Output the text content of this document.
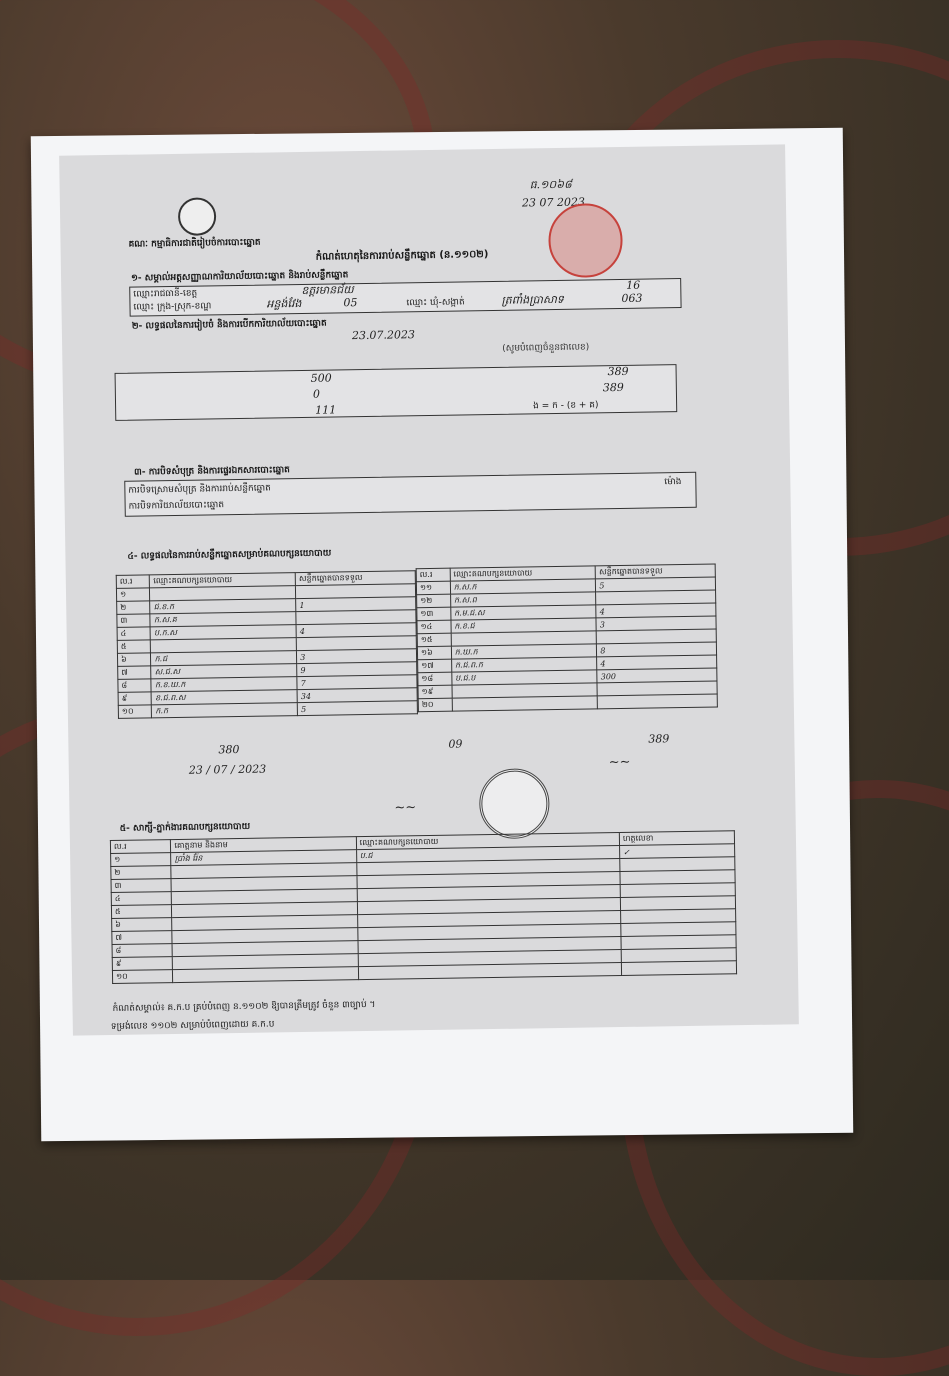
គណៈ កម្មាធិការជាតិរៀបចំការបោះឆ្នោត
កំណត់ហេតុនៃការរាប់សន្លឹកឆ្នោត (ន.១១០២)
ធ.១០៦៨
23 07 2023
១- សម្គាល់អត្តសញ្ញាណការិយាល័យបោះឆ្នោត និងរាប់សន្លឹកឆ្នោត
ឈ្មោះរាជធានី-ខេត្ត	ឧត្តរមានជ័យ	16
ឈ្មោះ ក្រុង-ស្រុក-ខណ្ឌ	អន្លង់វែង	05	ឈ្មោះ ឃុំ-សង្កាត់	ត្រពាំងប្រាសាទ	063
២- លទ្ធផលនៃការរៀបចំ និងការបើកការិយាល័យបោះឆ្នោត
23.07.2023
(សូមបំពេញចំនួនជាលេខ)
500
389
0
389
111	ង = ក - (ខ + គ)
៣- ការបិទសំបុត្រ និងការផ្ទេរឯកសារបោះឆ្នោត
ការបិទស្រោមសំបុត្រ និងការរាប់សន្លឹកឆ្នោត
ការបិទការិយាល័យបោះឆ្នោត
ម៉ោង
៤- លទ្ធផលនៃការរាប់សន្លឹកឆ្នោតសម្រាប់គណបក្សនយោបាយ
ល.រ	ឈ្មោះគណបក្សនយោបាយ	សន្លឹកឆ្នោតបានទទួល
១		
២	ជ.ខ.ក	1
៣	ក.ស.គ	
៤	ប.ក.ស	4
៥		
៦	ក.ជ	3
៧	ស.ជ.ស	9
៨	ក.ខ.ឃ.ក	7
៩	ខ.ជ.ព.ស	34
១០	ក.ក	5
ល.រ	ឈ្មោះគណបក្សនយោបាយ	សន្លឹកឆ្នោតបានទទួល
១១	ក.ស.ក	5
១២	ក.ស.ព	
១៣	ក.ម.ជ.ស	4
១៤	ក.ខ.ជ	3
១៥		
១៦	ក.ឃ.ក	8
១៧	ក.ជ.ព.ក	4
១៨	ប.ជ.ប	300
១៩		
២០		
380	09	389
23 / 07 / 2023
~~
~~
៥- សាក្សី-ភ្នាក់ងារគណបក្សនយោបាយ
ល.រ	គោត្តនាម និងនាម	ឈ្មោះគណបក្សនយោបាយ	ហត្ថលេខា
១	ប្រាំង រ៉ែន	ប.ជ	✓
២			
៣			
៤			
៥			
៦			
៧			
៨			
៩			
១០			
កំណត់សម្គាល់៖ គ.ក.ប គ្រប់បំពេញ ន.១១០២ ឱ្យបានត្រឹមត្រូវ ចំនួន ៣ច្បាប់ ។
ទម្រង់លេខ ១១០២ សម្រាប់បំពេញដោយ គ.ក.ប
